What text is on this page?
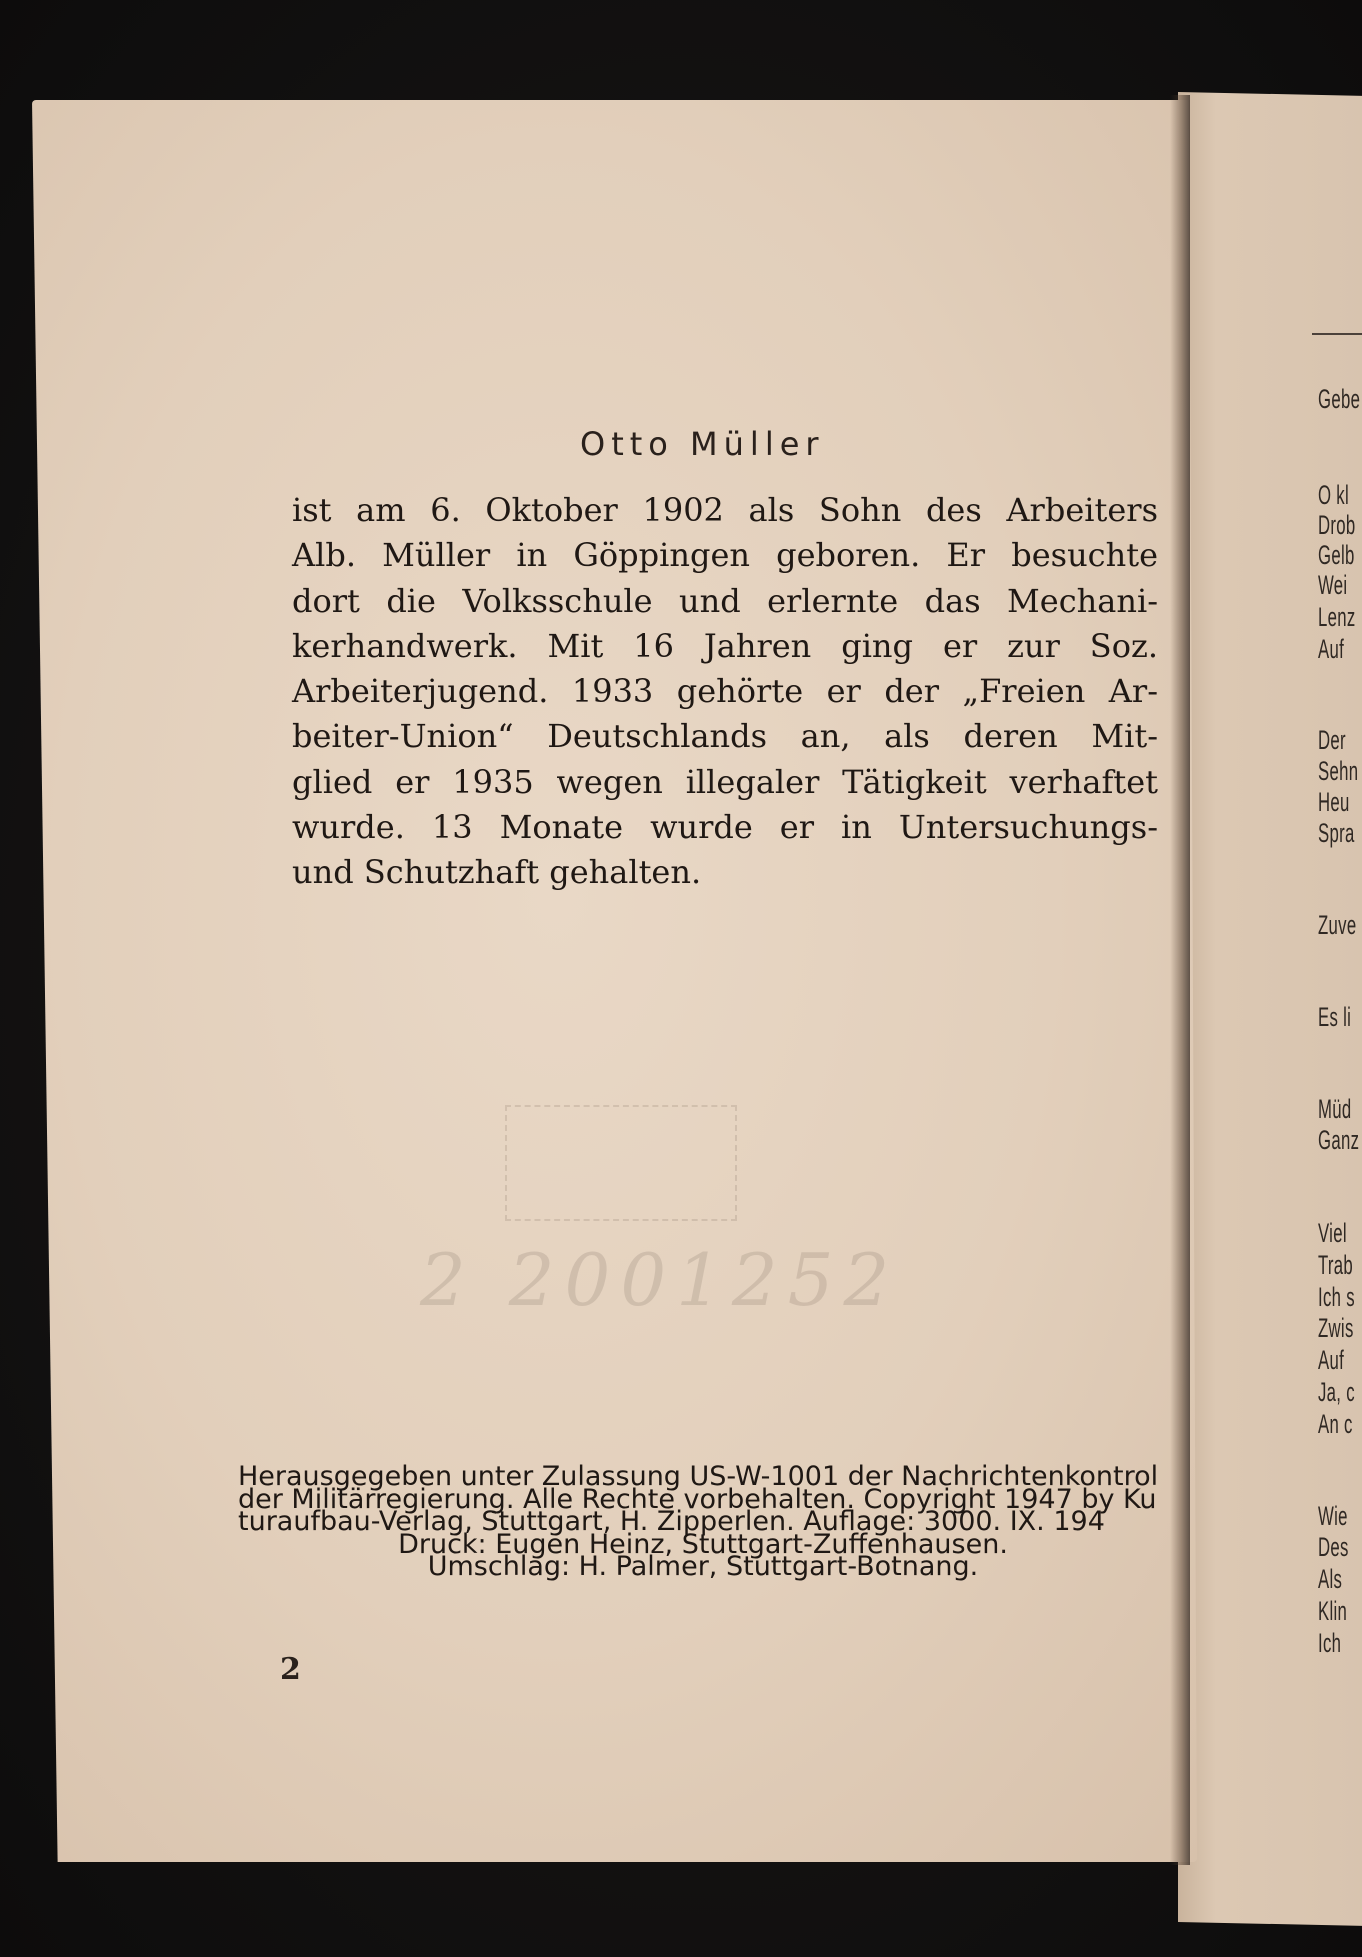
Gebe
O kl
Drob
Gelb
Wei
Lenz
Auf
Der
Sehn
Heu
Spra
Zuve
Es li
Müd
Ganz
Viel
Trab
Ich s
Zwis
Auf
Ja, c
An c
Wie
Des
Als
Klin
Ich
Otto Müller
ist am 6. Oktober 1902 als Sohn des Arbeiters
Alb. Müller in Göppingen geboren. Er besuchte
dort die Volksschule und erlernte das Mechani-
kerhandwerk. Mit 16 Jahren ging er zur Soz.
Arbeiterjugend. 1933 gehörte er der „Freien Ar-
beiter-Union“ Deutschlands an, als deren Mit-
glied er 1935 wegen illegaler Tätigkeit verhaftet
wurde. 13 Monate wurde er in Untersuchungs-
und Schutzhaft gehalten.
2 2001252
Herausgegeben unter Zulassung US-W-1001 der Nachrichtenkontrol
der Militärregierung. Alle Rechte vorbehalten. Copyright 1947 by Ku
turaufbau-Verlag, Stuttgart, H. Zipperlen. Auflage: 3000. IX. 194
Druck: Eugen Heinz, Stuttgart-Zuffenhausen.
Umschlag: H. Palmer, Stuttgart-Botnang.
2
